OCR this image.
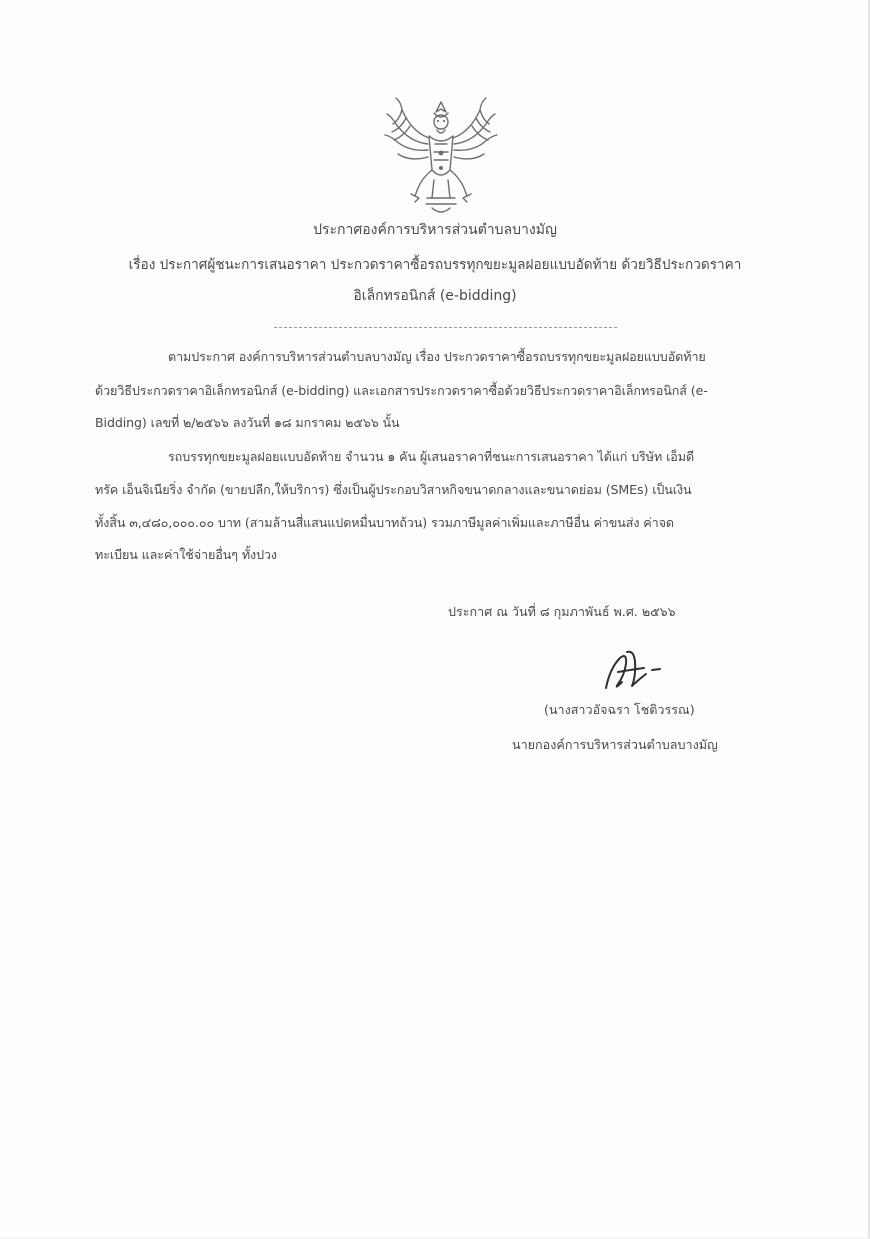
ประกาศองค์การบริหารส่วนตำบลบางมัญ
เรื่อง ประกาศผู้ชนะการเสนอราคา ประกวดราคาซื้อรถบรรทุกขยะมูลฝอยแบบอัดท้าย ด้วยวิธีประกวดราคา
อิเล็กทรอนิกส์ (e-bidding)
ตามประกาศ องค์การบริหารส่วนตำบลบางมัญ เรื่อง ประกวดราคาซื้อรถบรรทุกขยะมูลฝอยแบบอัดท้าย
ด้วยวิธีประกวดราคาอิเล็กทรอนิกส์ (e-bidding) และเอกสารประกวดราคาซื้อด้วยวิธีประกวดราคาอิเล็กทรอนิกส์ (e-
Bidding) เลขที่ ๒/๒๕๖๖ ลงวันที่ ๑๘ มกราคม ๒๕๖๖ นั้น
รถบรรทุกขยะมูลฝอยแบบอัดท้าย จำนวน ๑ คัน ผู้เสนอราคาที่ชนะการเสนอราคา ได้แก่ บริษัท เอ็มดี
ทรัค เอ็นจิเนียริ่ง จำกัด (ขายปลีก,ให้บริการ) ซึ่งเป็นผู้ประกอบวิสาหกิจขนาดกลางและขนาดย่อม (SMEs) เป็นเงิน
ทั้งสิ้น ๓,๔๘๐,๐๐๐.๐๐ บาท (สามล้านสี่แสนแปดหมื่นบาทถ้วน) รวมภาษีมูลค่าเพิ่มและภาษีอื่น ค่าขนส่ง ค่าจด
ทะเบียน และค่าใช้จ่ายอื่นๆ ทั้งปวง
ประกาศ ณ วันที่ ๘ กุมภาพันธ์ พ.ศ. ๒๕๖๖
(นางสาวอัจฉรา โชติวรรณ)
นายกองค์การบริหารส่วนตำบลบางมัญ
